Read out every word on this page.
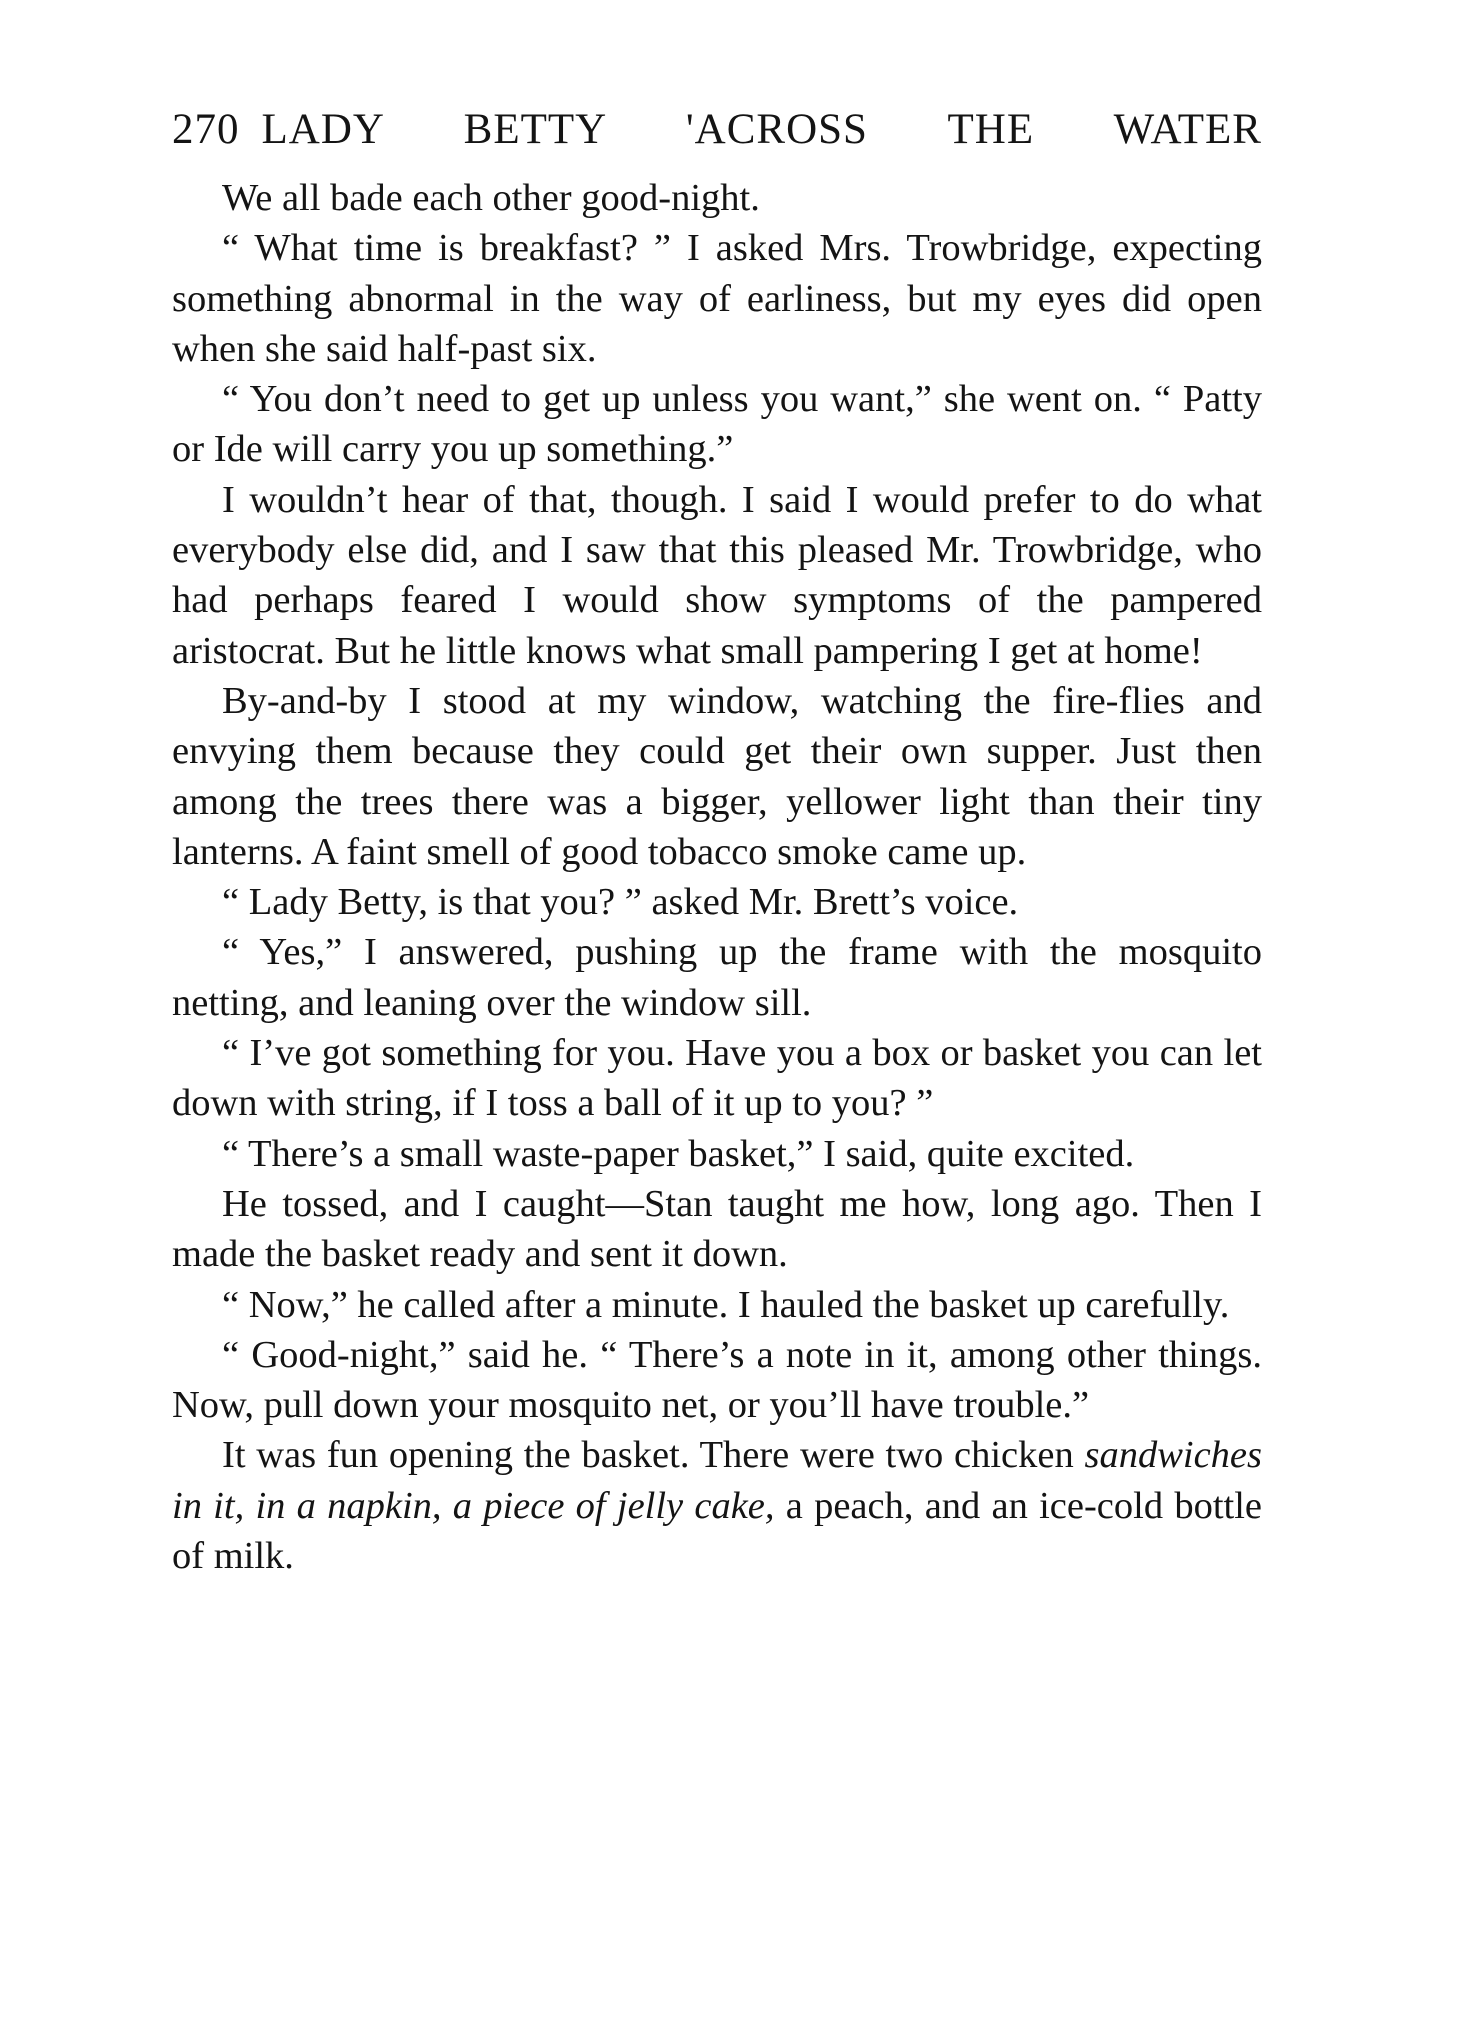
270 LADY BETTY 'ACROSS THE WATER

We all bade each other good-night.

“ What time is breakfast? ” I asked Mrs. Trowbridge, expecting something abnormal in the way of earliness, but my eyes did open when she said half-past six.

“ You don’t need to get up unless you want,” she went on. “ Patty or Ide will carry you up something.”

I wouldn’t hear of that, though. I said I would prefer to do what everybody else did, and I saw that this pleased Mr. Trowbridge, who had perhaps feared I would show symptoms of the pampered aristocrat. But he little knows what small pampering I get at home!

By-and-by I stood at my window, watching the fire-flies and envying them because they could get their own supper. Just then among the trees there was a bigger, yellower light than their tiny lanterns. A faint smell of good tobacco smoke came up.

“ Lady Betty, is that you? ” asked Mr. Brett’s voice.

“ Yes,” I answered, pushing up the frame with the mosquito netting, and leaning over the window sill.

“ I’ve got something for you. Have you a box or basket you can let down with string, if I toss a ball of it up to you? ”

“ There’s a small waste-paper basket,” I said, quite excited.

He tossed, and I caught—Stan taught me how, long ago. Then I made the basket ready and sent it down.

“ Now,” he called after a minute. I hauled the basket up carefully.

“ Good-night,” said he. “ There’s a note in it, among other things. Now, pull down your mosquito net, or you’ll have trouble.”

It was fun opening the basket. There were two chicken sandwiches in it, in a napkin, a piece of jelly cake, a peach, and an ice-cold bottle of milk.
